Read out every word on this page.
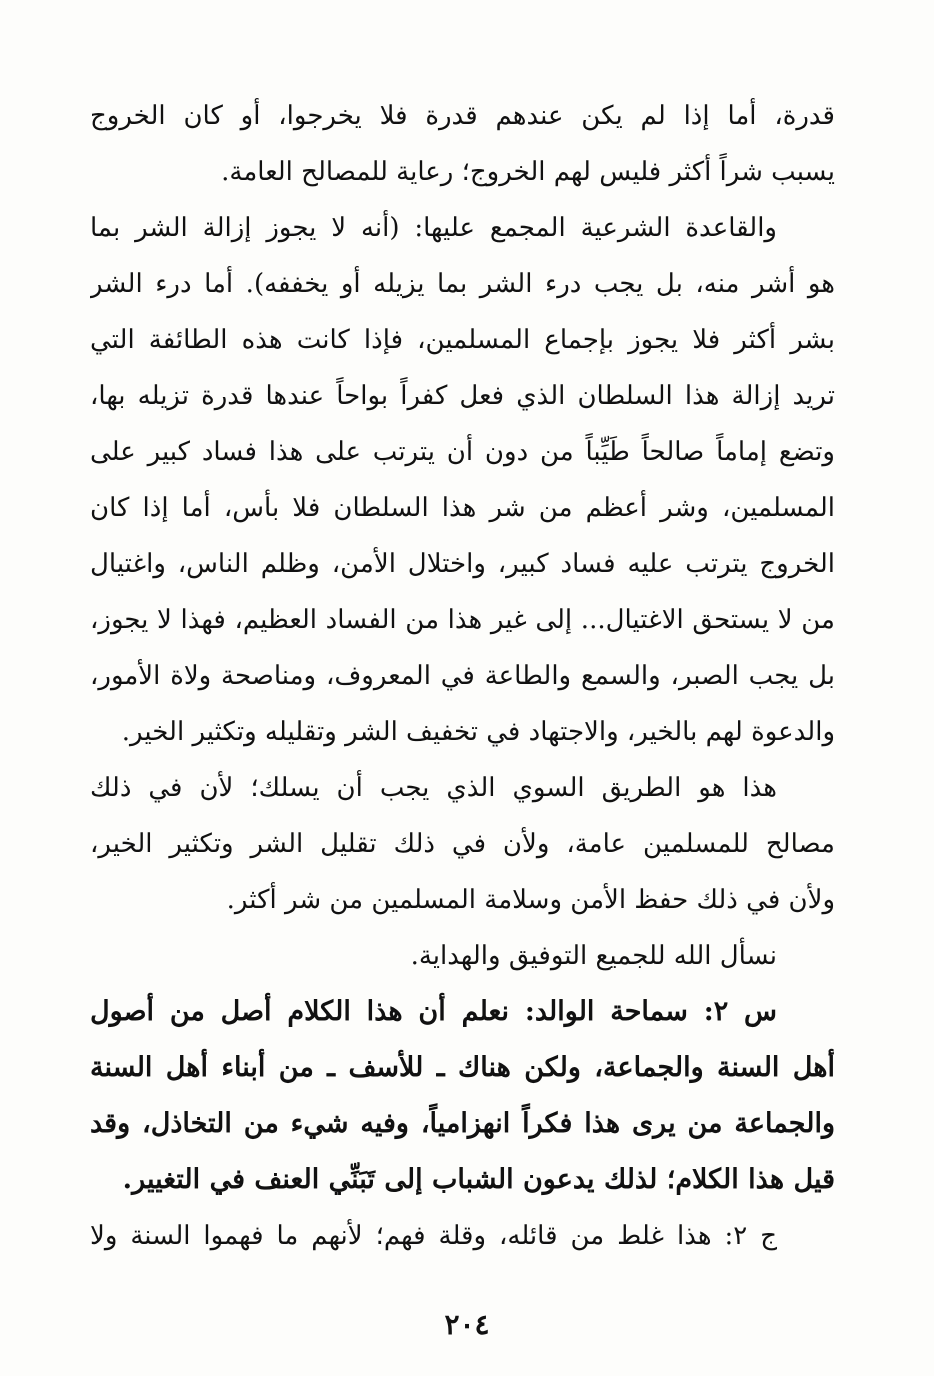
قدرة، أما إذا لم يكن عندهم قدرة فلا يخرجوا، أو كان الخروج
يسبب شراً أكثر فليس لهم الخروج؛ رعاية للمصالح العامة.

والقاعدة الشرعية المجمع عليها: (أنه لا يجوز إزالة الشر بما
هو أشر منه، بل يجب درء الشر بما يزيله أو يخففه). أما درء الشر
بشر أكثر فلا يجوز بإجماع المسلمين، فإذا كانت هذه الطائفة التي
تريد إزالة هذا السلطان الذي فعل كفراً بواحاً عندها قدرة تزيله بها،
وتضع إماماً صالحاً طَيِّباً من دون أن يترتب على هذا فساد كبير على
المسلمين، وشر أعظم من شر هذا السلطان فلا بأس، أما إذا كان
الخروج يترتب عليه فساد كبير، واختلال الأمن، وظلم الناس، واغتيال
من لا يستحق الاغتيال... إلى غير هذا من الفساد العظيم، فهذا لا يجوز،
بل يجب الصبر، والسمع والطاعة في المعروف، ومناصحة ولاة الأمور،
والدعوة لهم بالخير، والاجتهاد في تخفيف الشر وتقليله وتكثير الخير.

هذا هو الطريق السوي الذي يجب أن يسلك؛ لأن في ذلك
مصالح للمسلمين عامة، ولأن في ذلك تقليل الشر وتكثير الخير،
ولأن في ذلك حفظ الأمن وسلامة المسلمين من شر أكثر.

نسأل الله للجميع التوفيق والهداية.

س ٢: سماحة الوالد: نعلم أن هذا الكلام أصل من أصول
أهل السنة والجماعة، ولكن هناك ـ للأسف ـ من أبناء أهل السنة
والجماعة من يرى هذا فكراً انهزامياً، وفيه شيء من التخاذل، وقد
قيل هذا الكلام؛ لذلك يدعون الشباب إلى تَبَنِّي العنف في التغيير.

ج ٢: هذا غلط من قائله، وقلة فهم؛ لأنهم ما فهموا السنة ولا

٢٠٤
